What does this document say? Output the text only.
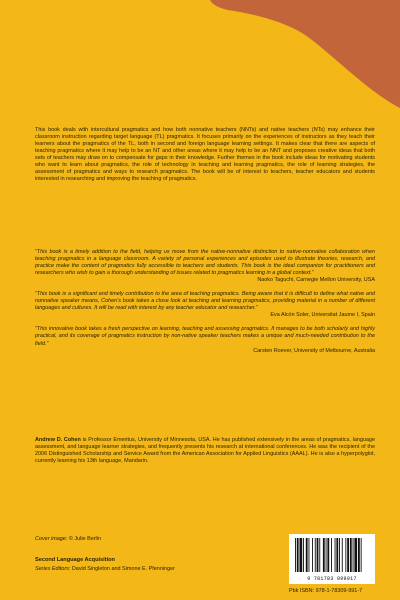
This book deals with intercultural pragmatics and how both nonnative teachers (NNTs) and native teachers (NTs) may enhance their classroom instruction regarding target language (TL) pragmatics. It focuses primarily on the experiences of instructors as they teach their learners about the pragmatics of the TL, both in second and foreign language learning settings. It makes clear that there are aspects of teaching pragmatics where it may help to be an NT and other areas where it may help to be an NNT and proposes creative ideas that both sets of teachers may draw on to compensate for gaps in their knowledge. Further themes in the book include ideas for motivating students who want to learn about pragmatics, the role of technology in teaching and learning pragmatics, the role of learning strategies, the assessment of pragmatics and ways to research pragmatics. The book will be of interest to teachers, teacher educators and students interested in researching and improving the teaching of pragmatics.
“This book is a timely addition to the field, helping us move from the native-nonnative distinction to native-nonnative collaboration when teaching pragmatics in a language classroom. A variety of personal experiences and episodes used to illustrate theories, research, and practice make the content of pragmatics fully accessible to teachers and students. This book is the ideal companion for practitioners and researchers who wish to gain a thorough understanding of issues related to pragmatics learning in a global context.”
Naoko Taguchi, Carnegie Mellon University, USA
“This book is a significant and timely contribution to the area of teaching pragmatics. Being aware that it is difficult to define what native and nonnative speaker means, Cohen’s book takes a close look at teaching and learning pragmatics, providing material in a number of different languages and cultures. It will be read with interest by any teacher educator and researcher.”
Eva Alcón Soler, Universitat Jaume I, Spain
“This innovative book takes a fresh perspective on learning, teaching and assessing pragmatics. It manages to be both scholarly and highly practical, and its coverage of pragmatics instruction by non-native speaker teachers makes a unique and much-needed contribution to the field.”
Carsten Roever, University of Melbourne, Australia
Andrew D. Cohen is Professor Emeritus, University of Minnesota, USA. He has published extensively in the areas of pragmatics, language assessment, and language learner strategies, and frequently presents his research at international conferences. He was the recipient of the 2006 Distinguished Scholarship and Service Award from the American Association for Applied Linguistics (AAAL). He is also a hyperpolyglot, currently learning his 13th language, Mandarin.
Cover image: © Julie Berlin
Second Language Acquisition
Series Editors: David Singleton and Simone E. Pfenninger
9 781783 099917
Pbk ISBN: 978-1-78309-991-7
